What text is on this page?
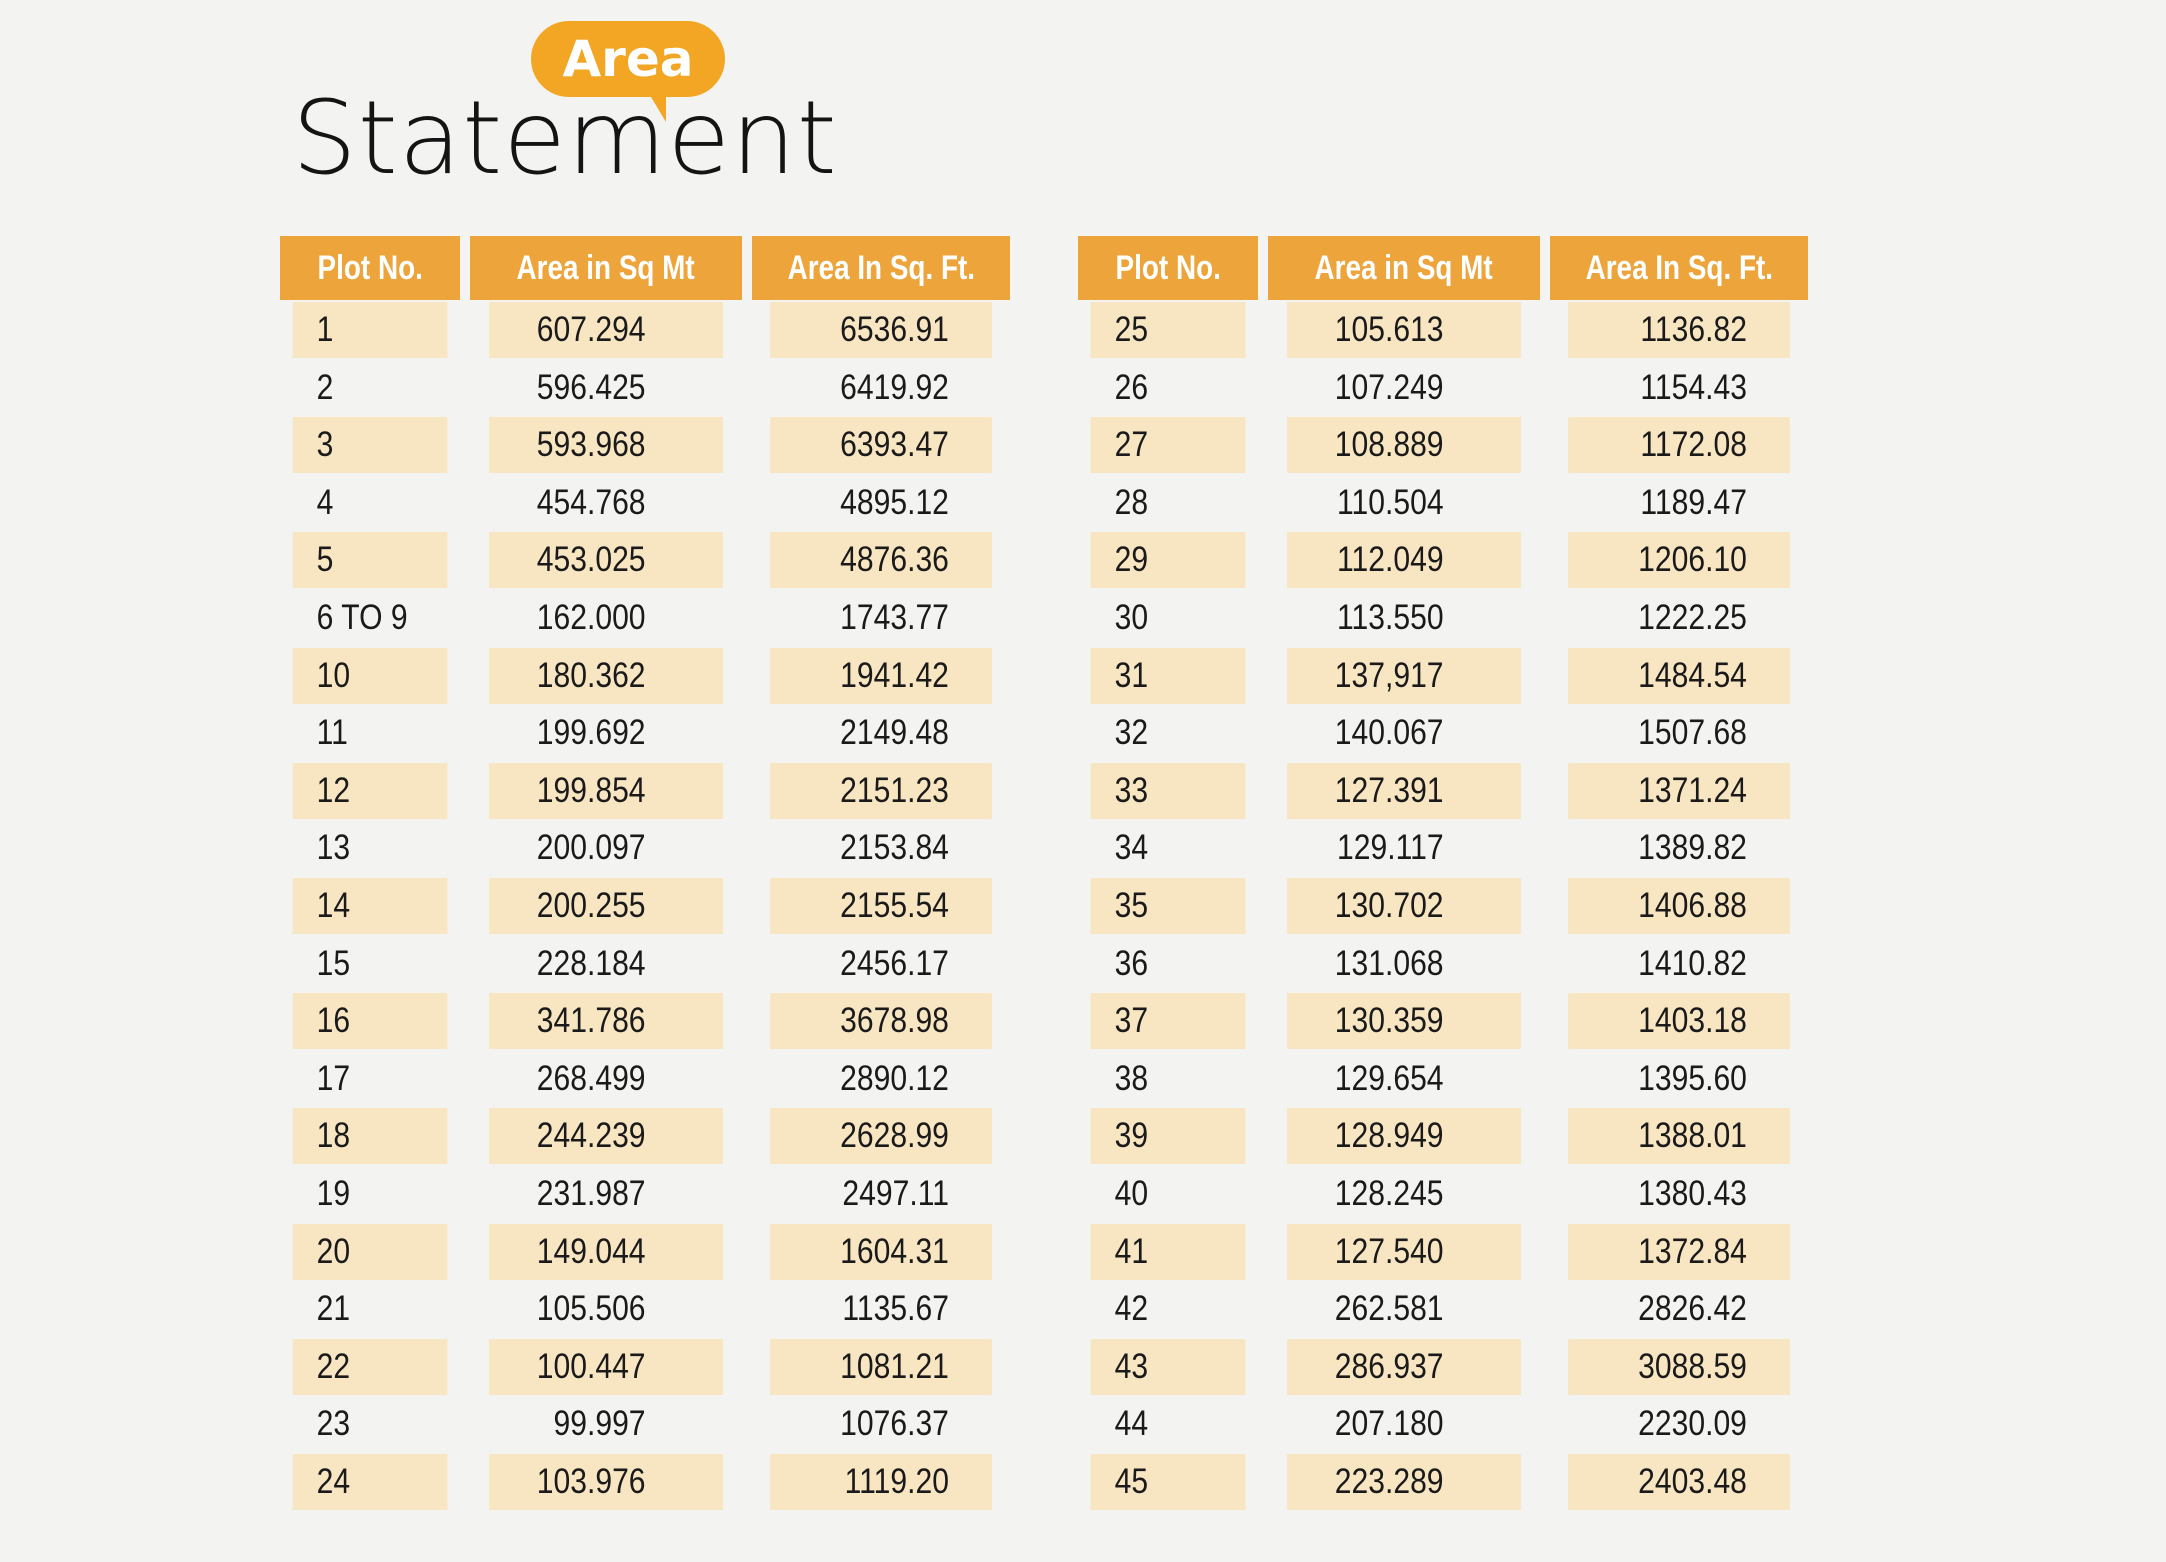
Area
Statement
Plot No.	Area in Sq Mt	Area In Sq. Ft.
1	607.294	6536.91
2	596.425	6419.92
3	593.968	6393.47
4	454.768	4895.12
5	453.025	4876.36
6 TO 9	162.000	1743.77
10	180.362	1941.42
11	199.692	2149.48
12	199.854	2151.23
13	200.097	2153.84
14	200.255	2155.54
15	228.184	2456.17
16	341.786	3678.98
17	268.499	2890.12
18	244.239	2628.99
19	231.987	2497.11
20	149.044	1604.31
21	105.506	1135.67
22	100.447	1081.21
23	99.997	1076.37
24	103.976	1119.20
Plot No.	Area in Sq Mt	Area In Sq. Ft.
25	105.613	1136.82
26	107.249	1154.43
27	108.889	1172.08
28	110.504	1189.47
29	112.049	1206.10
30	113.550	1222.25
31	137,917	1484.54
32	140.067	1507.68
33	127.391	1371.24
34	129.117	1389.82
35	130.702	1406.88
36	131.068	1410.82
37	130.359	1403.18
38	129.654	1395.60
39	128.949	1388.01
40	128.245	1380.43
41	127.540	1372.84
42	262.581	2826.42
43	286.937	3088.59
44	207.180	2230.09
45	223.289	2403.48
